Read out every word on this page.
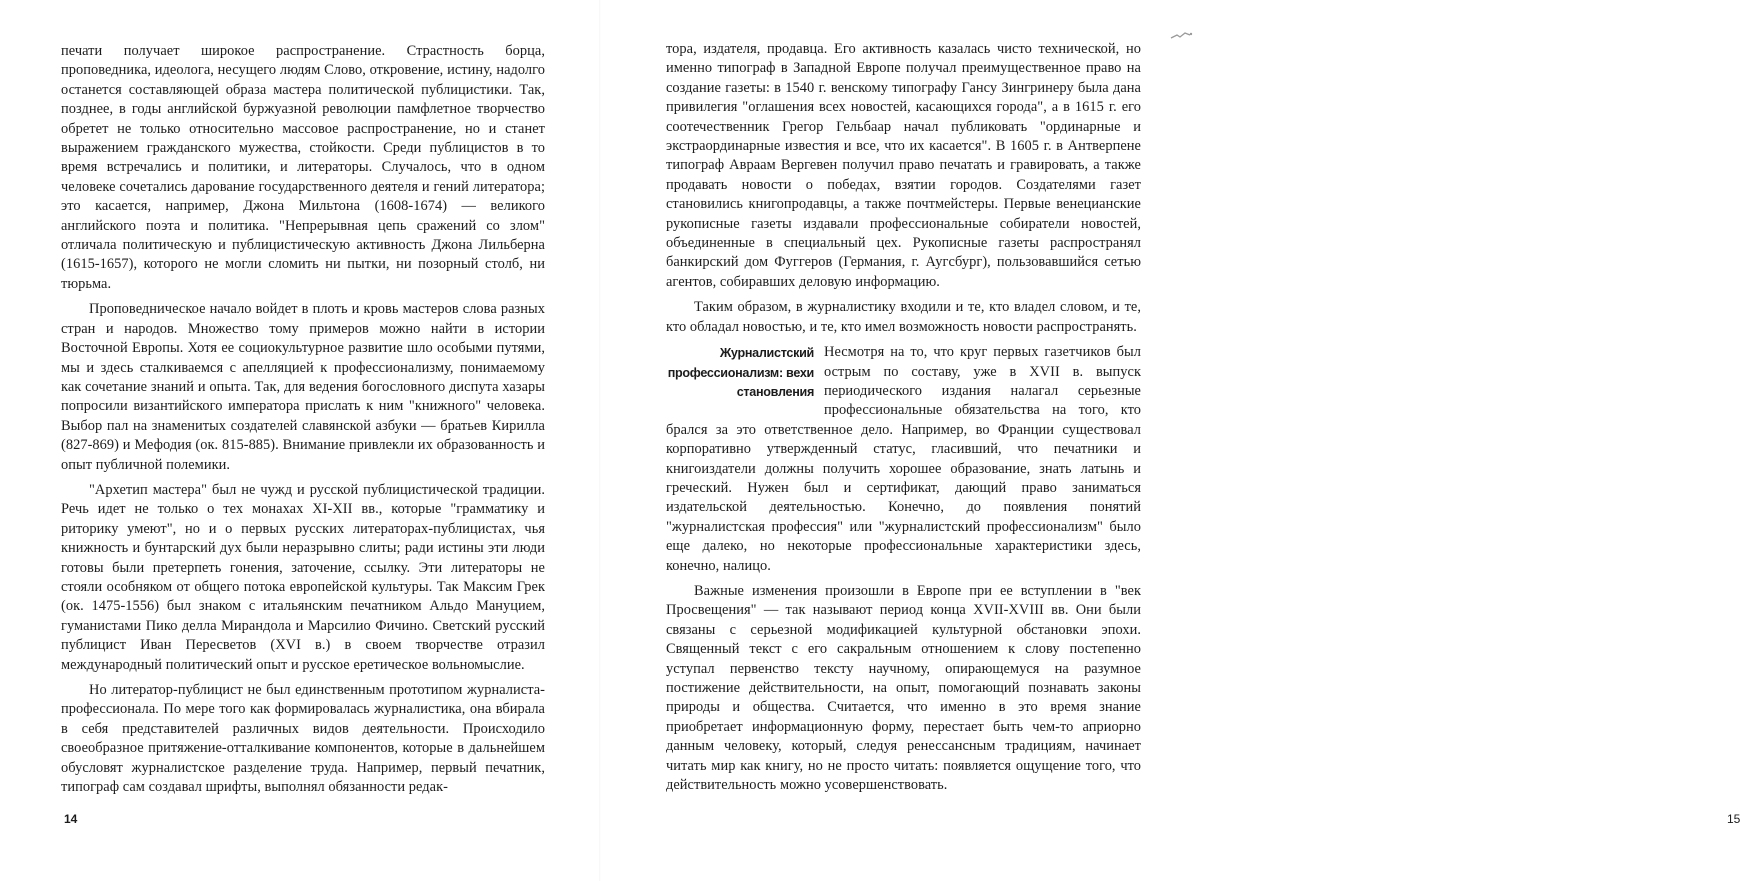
печати получает широкое распространение. Страстность борца, проповедника, идеолога, несущего людям Слово, откровение, истину, надолго останется составляющей образа мастера политической публицистики. Так, позднее, в годы английской буржуазной революции памфлетное творчество обретет не только относительно массовое распространение, но и станет выражением гражданского мужества, стойкости. Среди публицистов в то время встречались и политики, и литераторы. Случалось, что в одном человеке сочетались дарование государственного деятеля и гений литератора; это касается, например, Джона Мильтона (1608-1674) — великого английского поэта и политика. "Непрерывная цепь сражений со злом" отличала политическую и публицистическую активность Джона Лильберна (1615-1657), которого не могли сломить ни пытки, ни позорный столб, ни тюрьма.

Проповедническое начало войдет в плоть и кровь мастеров слова разных стран и народов. Множество тому примеров можно найти в истории Восточной Европы. Хотя ее социокультурное развитие шло особыми путями, мы и здесь сталкиваемся с апелляцией к профессионализму, понимаемому как сочетание знаний и опыта. Так, для ведения богословного диспута хазары попросили византийского императора прислать к ним "книжного" человека. Выбор пал на знаменитых создателей славянской азбуки — братьев Кирилла (827-869) и Мефодия (ок. 815-885). Внимание привлекли их образованность и опыт публичной полемики.

"Архетип мастера" был не чужд и русской публицистической традиции. Речь идет не только о тех монахах XI-XII вв., которые "грамматику и риторику умеют", но и о первых русских литераторах-публицистах, чья книжность и бунтарский дух были неразрывно слиты; ради истины эти люди готовы были претерпеть гонения, заточение, ссылку. Эти литераторы не стояли особняком от общего потока европейской культуры. Так Максим Грек (ок. 1475-1556) был знаком с итальянским печатником Альдо Мануцием, гуманистами Пико делла Мирандола и Марсилио Фичино. Светский русский публицист Иван Пересветов (XVI в.) в своем творчестве отразил международный политический опыт и русское еретическое вольномыслие.

Но литератор-публицист не был единственным прототипом журналиста-профессионала. По мере того как формировалась журналистика, она вбирала в себя представителей различных видов деятельности. Происходило своеобразное притяжение-отталкивание компонентов, которые в дальнейшем обусловят журналистское разделение труда. Например, первый печатник, типограф сам создавал шрифты, выполнял обязанности редак-

14

тора, издателя, продавца. Его активность казалась чисто технической, но именно типограф в Западной Европе получал преимущественное право на создание газеты: в 1540 г. венскому типографу Гансу Зингринеру была дана привилегия "оглашения всех новостей, касающихся города", а в 1615 г. его соотечественник Грегор Гельбаар начал публиковать "ординарные и экстраординарные известия и все, что их касается". В 1605 г. в Антверпене типограф Авраам Вергевен получил право печатать и гравировать, а также продавать новости о победах, взятии городов. Создателями газет становились книгопродавцы, а также почтмейстеры. Первые венецианские рукописные газеты издавали профессиональные собиратели новостей, объединенные в специальный цех. Рукописные газеты распространял банкирский дом Фуггеров (Германия, г. Аугсбург), пользовавшийся сетью агентов, собиравших деловую информацию.

Таким образом, в журналистику входили и те, кто владел словом, и те, кто обладал новостью, и те, кто имел возможность новости распространять.

Журналистский профессионализм: вехи становления

Несмотря на то, что круг первых газетчиков был острым по составу, уже в XVII в. выпуск периодического издания налагал серьезные профессиональные обязательства на того, кто брался за это ответственное дело. Например, во Франции существовал корпоративно утвержденный статус, гласивший, что печатники и книгоиздатели должны получить хорошее образование, знать латынь и греческий. Нужен был и сертификат, дающий право заниматься издательской деятельностью. Конечно, до появления понятий "журналистская профессия" или "журналистский профессионализм" было еще далеко, но некоторые профессиональные характеристики здесь, конечно, налицо.

Важные изменения произошли в Европе при ее вступлении в "век Просвещения" — так называют период конца XVII-XVIII вв. Они были связаны с серьезной модификацией культурной обстановки эпохи. Священный текст с его сакральным отношением к слову постепенно уступал первенство тексту научному, опирающемуся на разумное постижение действительности, на опыт, помогающий познавать законы природы и общества. Считается, что именно в это время знание приобретает информационную форму, перестает быть чем-то априорно данным человеку, который, следуя ренессансным традициям, начинает читать мир как книгу, но не просто читать: появляется ощущение того, что действительность можно усовершенствовать.

15
